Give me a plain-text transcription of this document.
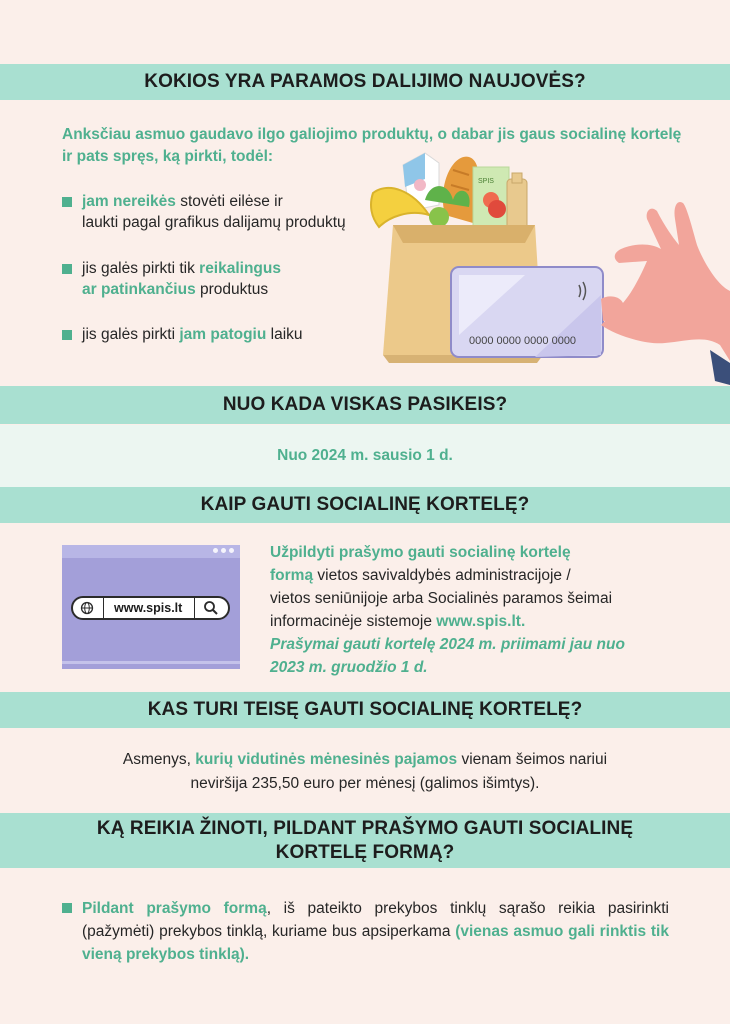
KOKIOS YRA PARAMOS DALIJIMO NAUJOVĖS?
Anksčiau asmuo gaudavo ilgo galiojimo produktų, o dabar jis gaus socialinę kortelę ir pats spręs, ką pirkti, todėl:
jam nereikės stovėti eilėse ir
laukti pagal grafikus dalijamų produktų
jis galės pirkti tik reikalingus
ar patinkančius produktus
jis galės pirkti jam patogiu laiku
SPIS
0000 0000 0000 0000
NUO KADA VISKAS PASIKEIS?
Nuo 2024 m. sausio 1 d.
KAIP GAUTI SOCIALINĘ KORTELĘ?
www.spis.lt
Užpildyti prašymo gauti socialinę kortelę
formą vietos savivaldybės administracijoje /
vietos seniūnijoje arba Socialinės paramos šeimai
informacinėje sistemoje www.spis.lt.
Prašymai gauti kortelę 2024 m. priimami jau nuo
2023 m. gruodžio 1 d.
KAS TURI TEISĘ GAUTI SOCIALINĘ KORTELĘ?
Asmenys, kurių vidutinės mėnesinės pajamos vienam šeimos nariui
neviršija 235,50 euro per mėnesį (galimos išimtys).
KĄ REIKIA ŽINOTI, PILDANT PRAŠYMO GAUTI SOCIALINĘ
KORTELĘ FORMĄ?
Pildant prašymo formą, iš pateikto prekybos tinklų sąrašo reikia pasirinkti (pažymėti) prekybos tinklą, kuriame bus apsiperkama (vienas asmuo gali rinktis tik vieną prekybos tinklą).
